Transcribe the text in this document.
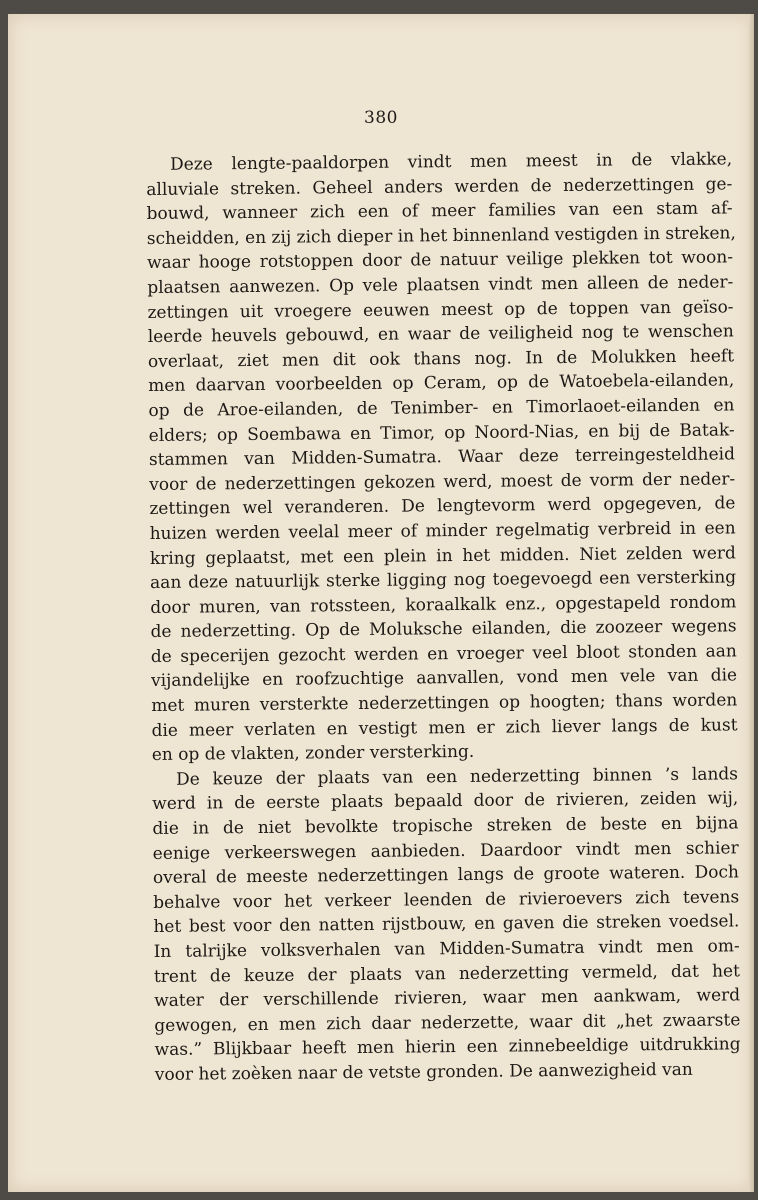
380

Deze lengte-paaldorpen vindt men meest in de vlakke,
alluviale streken. Geheel anders werden de nederzettingen ge-
bouwd, wanneer zich een of meer families van een stam af-
scheidden, en zij zich dieper in het binnenland vestigden in streken,
waar hooge rotstoppen door de natuur veilige plekken tot woon-
plaatsen aanwezen. Op vele plaatsen vindt men alleen de neder-
zettingen uit vroegere eeuwen meest op de toppen van geïso-
leerde heuvels gebouwd, en waar de veiligheid nog te wenschen
overlaat, ziet men dit ook thans nog. In de Molukken heeft
men daarvan voorbeelden op Ceram, op de Watoebela-eilanden,
op de Aroe-eilanden, de Tenimber- en Timorlaoet-eilanden en
elders; op Soembawa en Timor, op Noord-Nias, en bij de Batak-
stammen van Midden-Sumatra. Waar deze terreingesteldheid
voor de nederzettingen gekozen werd, moest de vorm der neder-
zettingen wel veranderen. De lengtevorm werd opgegeven, de
huizen werden veelal meer of minder regelmatig verbreid in een
kring geplaatst, met een plein in het midden. Niet zelden werd
aan deze natuurlijk sterke ligging nog toegevoegd een versterking
door muren, van rotssteen, koraalkalk enz., opgestapeld rondom
de nederzetting. Op de Moluksche eilanden, die zoozeer wegens
de specerijen gezocht werden en vroeger veel bloot stonden aan
vijandelijke en roofzuchtige aanvallen, vond men vele van die
met muren versterkte nederzettingen op hoogten; thans worden
die meer verlaten en vestigt men er zich liever langs de kust
en op de vlakten, zonder versterking.

De keuze der plaats van een nederzetting binnen ’s lands
werd in de eerste plaats bepaald door de rivieren, zeiden wij,
die in de niet bevolkte tropische streken de beste en bijna
eenige verkeerswegen aanbieden. Daardoor vindt men schier
overal de meeste nederzettingen langs de groote wateren. Doch
behalve voor het verkeer leenden de rivieroevers zich tevens
het best voor den natten rijstbouw, en gaven die streken voedsel.
In talrijke volksverhalen van Midden-Sumatra vindt men om-
trent de keuze der plaats van nederzetting vermeld, dat het
water der verschillende rivieren, waar men aankwam, werd
gewogen, en men zich daar nederzette, waar dit „het zwaarste
was.” Blijkbaar heeft men hierin een zinnebeeldige uitdrukking
voor het zoèken naar de vetste gronden. De aanwezigheid van
